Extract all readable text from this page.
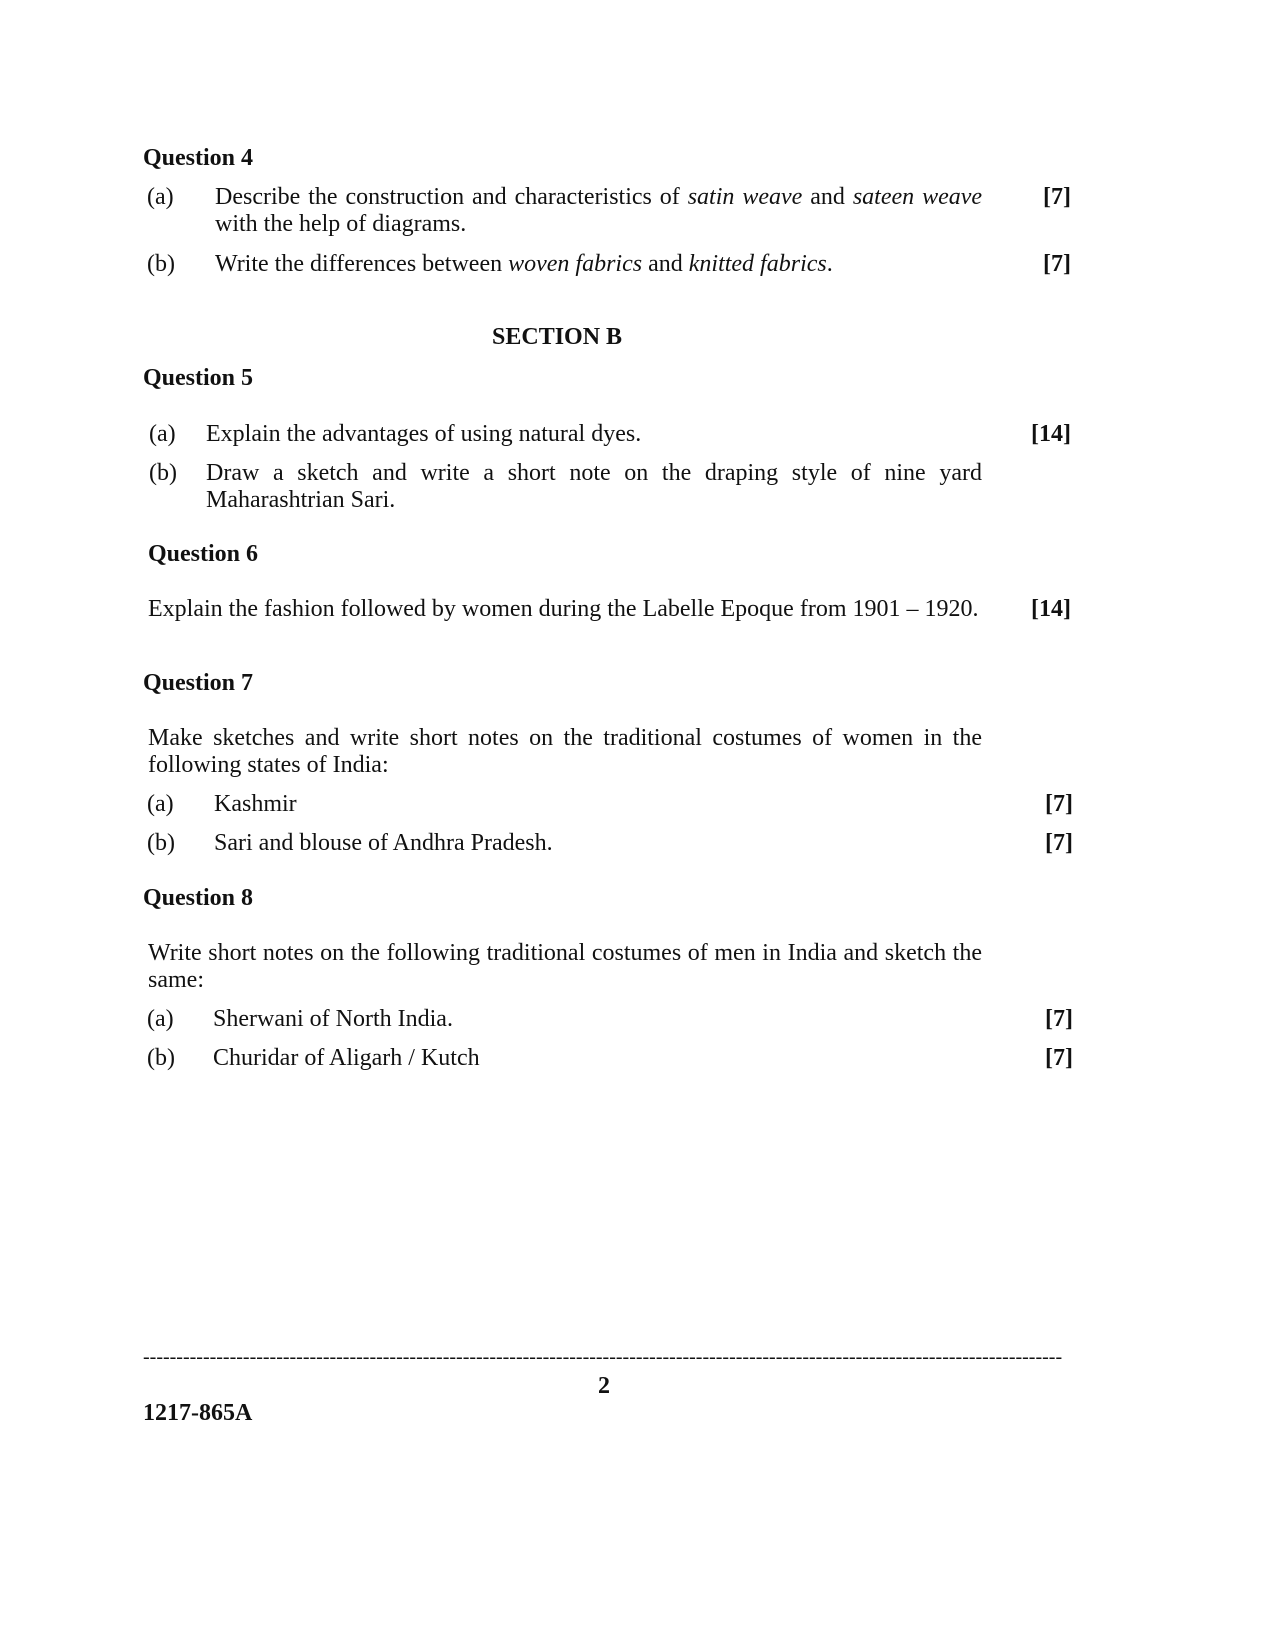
Question 4
(a) Describe the construction and characteristics of satin weave and sateen weave
with the help of diagrams.
[7]
(b) Write the differences between woven fabrics and knitted fabrics.	[7]
SECTION B
Question 5
(a) Explain the advantages of using natural dyes.	[14]
(b) Draw a sketch and write a short note on the draping style of nine yard
Maharashtrian Sari.
Question 6
Explain the fashion followed by women during the Labelle Epoque from 1901 – 1920. [14]
Question 7
Make sketches and write short notes on the traditional costumes of women in the
following states of India:
(a) Kashmir	[7]
(b) Sari and blouse of Andhra Pradesh.	[7]
Question 8
Write short notes on the following traditional costumes of men in India and sketch the
same:
(a) Sherwani of North India.	[7]
(b) Churidar of Aligarh / Kutch	[7]
------------------------------------------------------------------------------------------------------------------------------------------
2
1217-865A
